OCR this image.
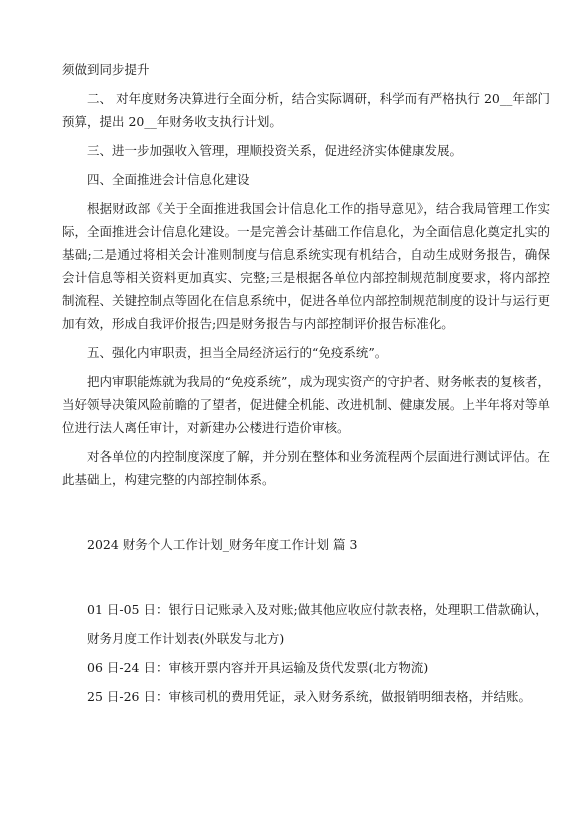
须做到同步提升

二、 对年度财务决算进行全面分析，结合实际调研，科学而有严格执行 20__年部门预算，提出 20__年财务收支执行计划。

三、进一步加强收入管理，理顺投资关系，促进经济实体健康发展。

四、全面推进会计信息化建设

根据财政部《关于全面推进我国会计信息化工作的指导意见》，结合我局管理工作实际，全面推进会计信息化建设。一是完善会计基础工作信息化，为全面信息化奠定扎实的基础;二是通过将相关会计准则制度与信息系统实现有机结合，自动生成财务报告，确保会计信息等相关资料更加真实、完整;三是根据各单位内部控制规范制度要求，将内部控制流程、关键控制点等固化在信息系统中，促进各单位内部控制规范制度的设计与运行更加有效，形成自我评价报告;四是财务报告与内部控制评价报告标准化。

五、强化内审职责，担当全局经济运行的“免疫系统”。

把内审职能炼就为我局的“免疫系统”，成为现实资产的守护者、财务帐表的复核者，当好领导决策风险前瞻的了望者，促进健全机能、改进机制、健康发展。上半年将对等单位进行法人离任审计，对新建办公楼进行造价审核。

对各单位的内控制度深度了解，并分别在整体和业务流程两个层面进行测试评估。在此基础上，构建完整的内部控制体系。

2024 财务个人工作计划_财务年度工作计划 篇 3

01 日-05 日：银行日记账录入及对账;做其他应收应付款表格，处理职工借款确认，

财务月度工作计划表(外联发与北方)

06 日-24 日：审核开票内容并开具运输及货代发票(北方物流)

25 日-26 日：审核司机的费用凭证，录入财务系统，做报销明细表格，并结账。
